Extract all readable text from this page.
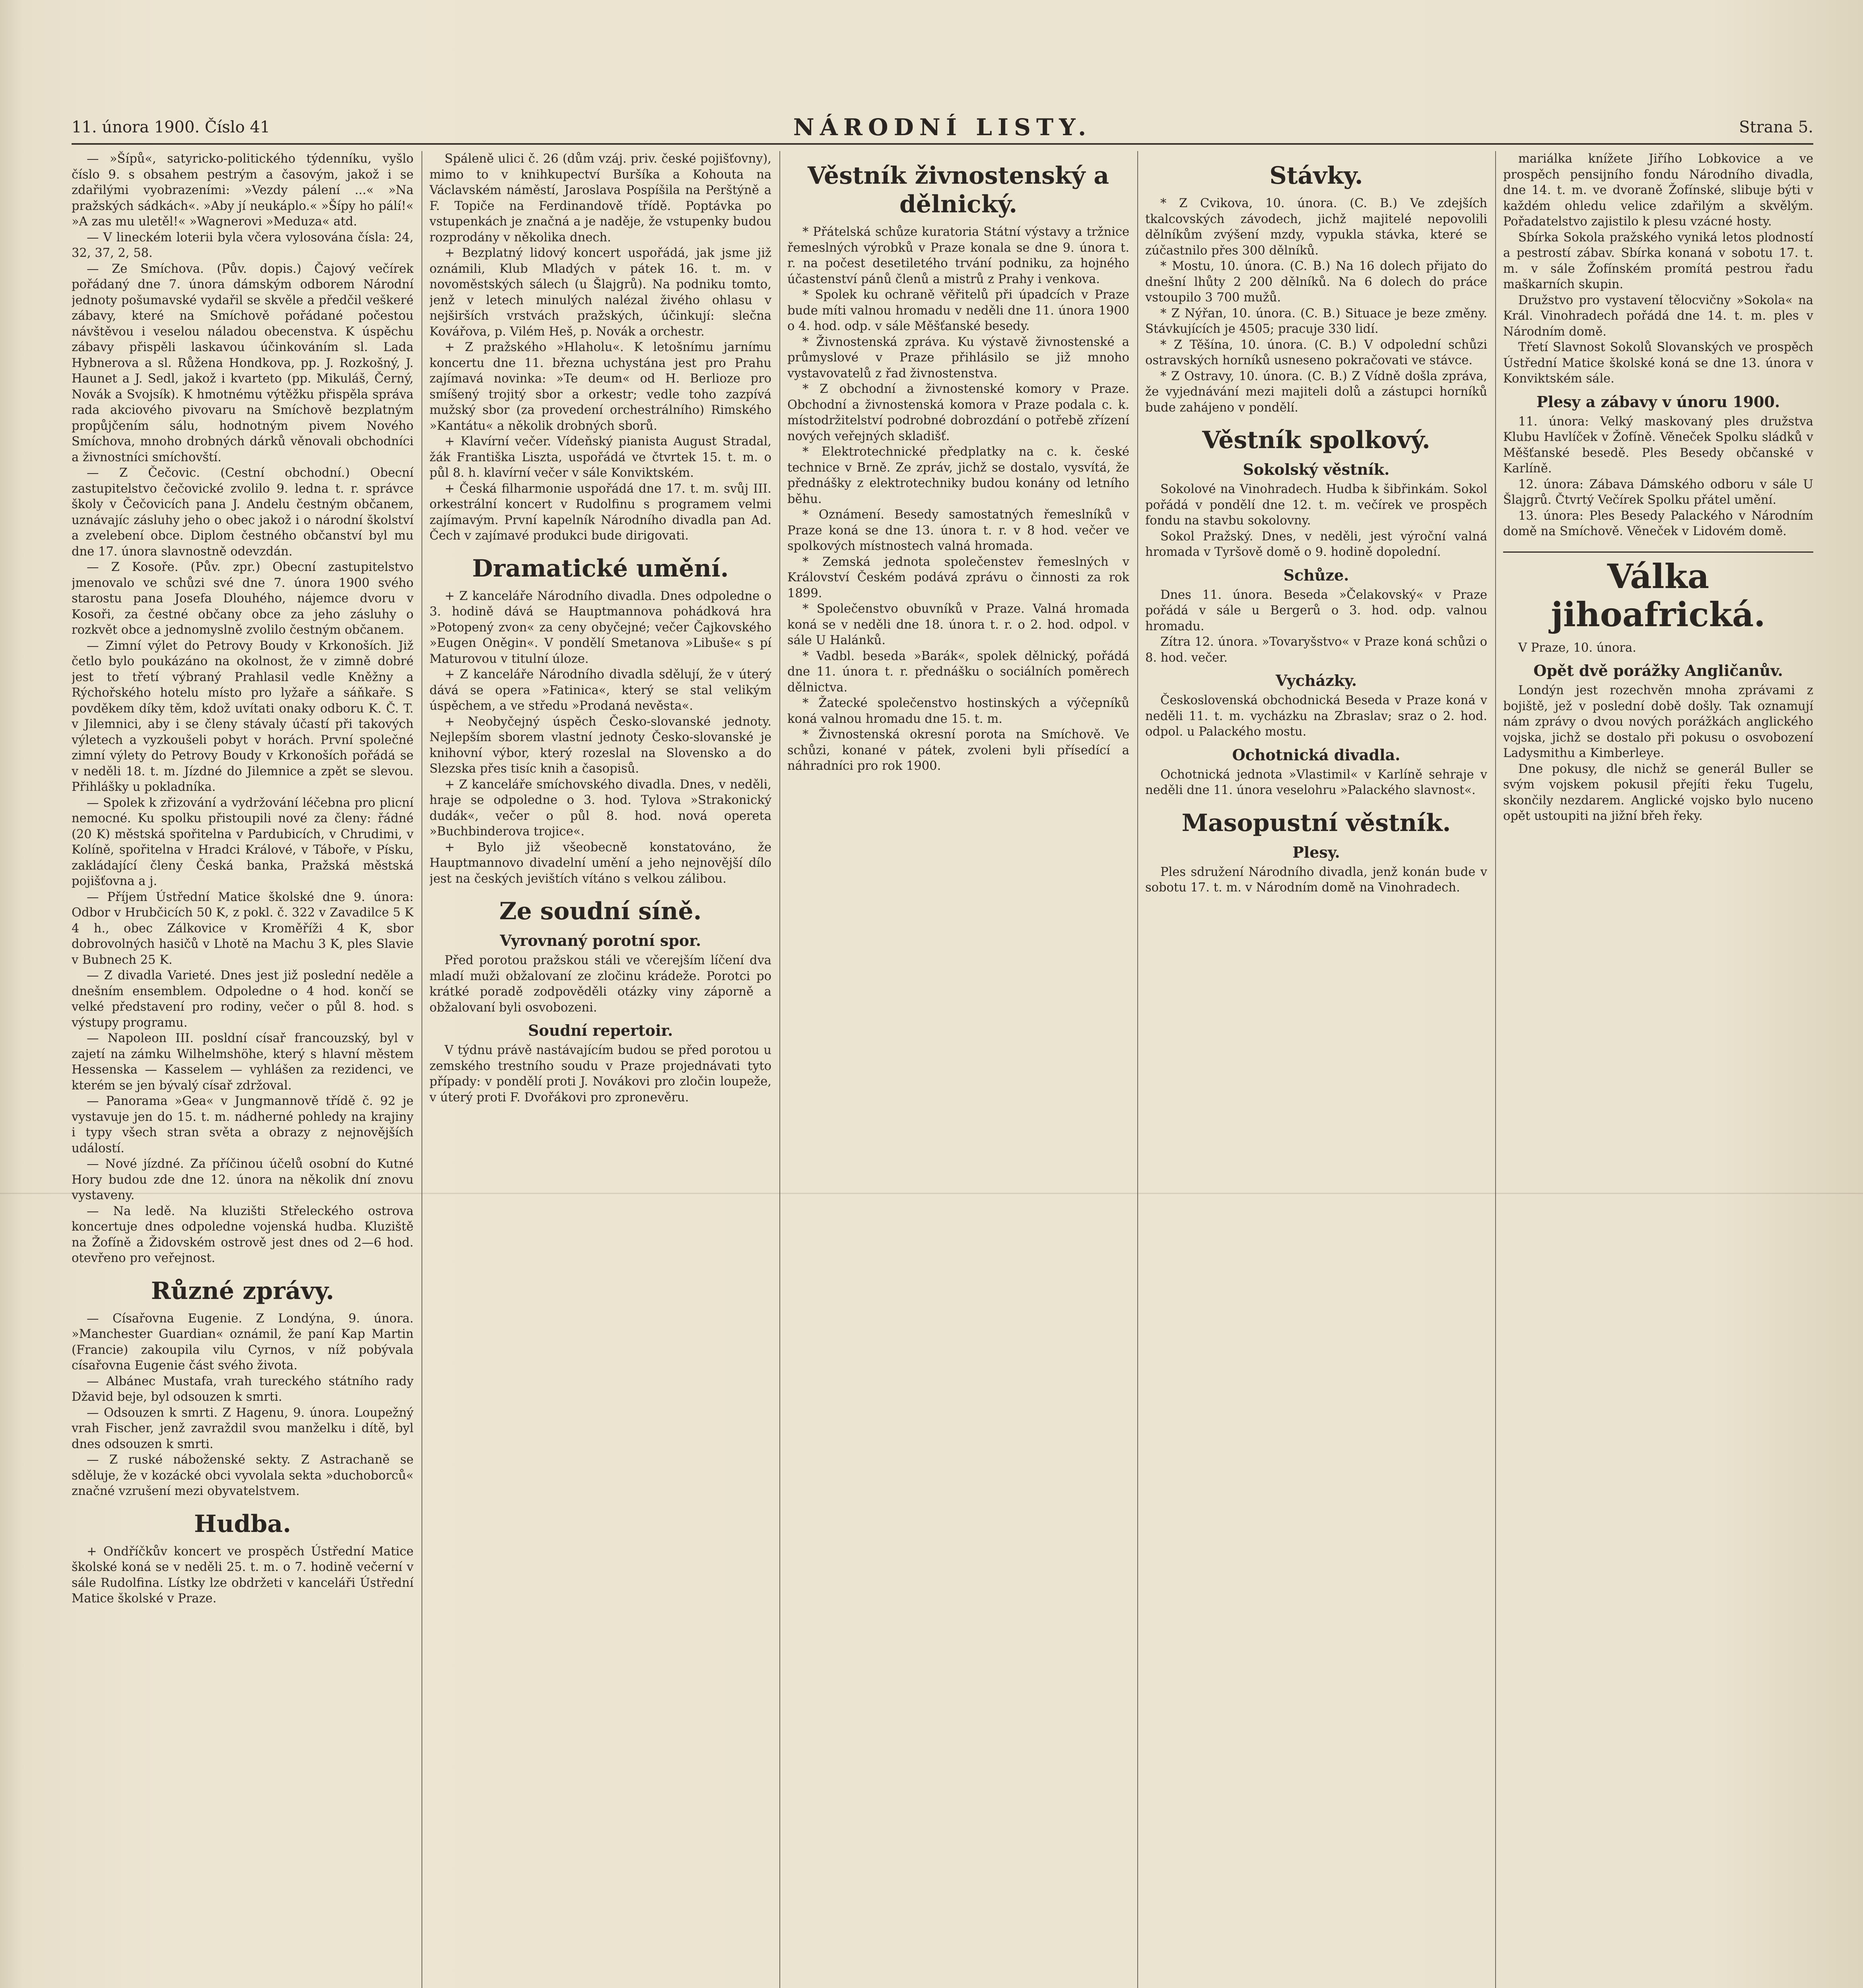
11. února 1900. Číslo 41	NÁRODNÍ LISTY.	Strana 5.

— »Šípů«, satyricko-politického týdenníku, vyšlo číslo 9. s obsahem pestrým a časovým, jakož i se zdařilými vyobrazeními: »Vezdy pálení ...« »Na pražských sádkách«. »Aby jí neukáplo.« »Šípy ho pálí!« »A zas mu uletěl!« »Wagnerovi »Meduza« atd.

— V lineckém loterii byla včera vylosována čísla: 24, 32, 37, 2, 58.

— Ze Smíchova. (Pův. dopis.) Čajový večírek pořádaný dne 7. února dámským odborem Národní jednoty pošumavské vydařil se skvěle a předčil veškeré zábavy, které na Smíchově pořádané počestou návštěvou i veselou náladou obecenstva. K úspěchu zábavy přispěli laskavou účinkováním sl. Lada Hybnerova a sl. Růžena Hondkova, pp. J. Rozkošný, J. Haunet a J. Sedl, jakož i kvarteto (pp. Mikuláš, Černý, Novák a Svojsík). K hmotnému výtěžku přispěla správa rada akciového pivovaru na Smíchově bezplatným propůjčením sálu, hodnotným pivem Nového Smíchova, mnoho drobných dárků věnovali obchodníci a živnostníci smíchovští.

— Z Čečovic. (Cestní obchodní.) Obecní zastupitelstvo čečovické zvolilo 9. ledna t. r. správce školy v Čečovicích pana J. Andelu čestným občanem, uznávajíc zásluhy jeho o obec jakož i o národní školství a zvelebení obce. Diplom čestného občanství byl mu dne 17. února slavnostně odevzdán.

— Z Kosoře. (Pův. zpr.) Obecní zastupitelstvo jmenovalo ve schůzi své dne 7. února 1900 svého starostu pana Josefa Dlouhého, nájemce dvoru v Kosoři, za čestné občany obce za jeho zásluhy o rozkvět obce a jednomyslně zvolilo čestným občanem.

— Zimní výlet do Petrovy Boudy v Krkonoších. Již četlo bylo poukázáno na okolnost, že v zimně dobré jest to třetí výbraný Prahlasil vedle Kněžny a Rýchořského hotelu místo pro lyžaře a sáňkaře. S povděkem díky těm, kdož uvítati onaky odboru K. Č. T. v Jilemnici, aby i se členy stávaly účastí při takových výletech a vyzkoušeli pobyt v horách. První společné zimní výlety do Petrovy Boudy v Krkonoších pořádá se v neděli 18. t. m. Jízdné do Jilemnice a zpět se slevou. Přihlášky u pokladníka.

— Spolek k zřizování a vydržování léčebna pro plicní nemocné. Ku spolku přistoupili nové za členy: řádné (20 K) městská spořitelna v Pardubicích, v Chrudimi, v Kolíně, spořitelna v Hradci Králové, v Táboře, v Písku, zakládající členy Česká banka, Pražská městská pojišťovna a j.

— Příjem Ústřední Matice školské dne 9. února: Odbor v Hrubčicích 50 K, z pokl. č. 322 v Zavadilce 5 K 4 h., obec Zálkovice v Kroměříži 4 K, sbor dobrovolných hasičů v Lhotě na Machu 3 K, ples Slavie v Bubnech 25 K.

— Z divadla Varieté. Dnes jest již poslední neděle a dnešním ensemblem. Odpoledne o 4 hod. končí se velké představení pro rodiny, večer o půl 8. hod. s výstupy programu.

— Napoleon III. posldní císař francouzský, byl v zajetí na zámku Wilhelmshöhe, který s hlavní městem Hessenska — Kasselem — vyhlášen za rezidenci, ve kterém se jen bývalý císař zdržoval.

— Panorama »Gea« v Jungmannově třídě č. 92 je vystavuje jen do 15. t. m. nádherné pohledy na krajiny i typy všech stran světa a obrazy z nejnovějších událostí.

— Nové jízdné. Za příčinou účelů osobní do Kutné Hory budou zde dne 12. února na několik dní znovu vystaveny.

— Na ledě. Na kluzišti Střeleckého ostrova koncertuje dnes odpoledne vojenská hudba. Kluziště na Žofíně a Židovském ostrově jest dnes od 2—6 hod. otevřeno pro veřejnost.

Různé zprávy.

— Císařovna Eugenie. Z Londýna, 9. února. »Manchester Guardian« oznámil, že paní Kap Martin (Francie) zakoupila vilu Cyrnos, v níž pobývala císařovna Eugenie část svého života.

— Albánec Mustafa, vrah tureckého státního rady Džavid beje, byl odsouzen k smrti.

— Odsouzen k smrti. Z Hagenu, 9. února. Loupežný vrah Fischer, jenž zavraždil svou manželku i dítě, byl dnes odsouzen k smrti.

— Z ruské náboženské sekty. Z Astrachaně se sděluje, že v kozácké obci vyvolala sekta »duchoborců« značné vzrušení mezi obyvatelstvem.

Hudba.

+ Ondříčkův koncert ve prospěch Ústřední Matice školské koná se v neděli 25. t. m. o 7. hodině večerní v sále Rudolfina. Lístky lze obdržeti v kanceláři Ústřední Matice školské v Praze.

Spáleně ulici č. 26 (dům vzáj. priv. české pojišťovny), mimo to v knihkupectví Buršíka a Kohouta na Václavském náměstí, Jaroslava Pospíšila na Perštýně a F. Topiče na Ferdinandově třídě. Poptávka po vstupenkách je značná a je naděje, že vstupenky budou rozprodány v několika dnech.

+ Bezplatný lidový koncert uspořádá, jak jsme již oznámili, Klub Mladých v pátek 16. t. m. v novoměstských sálech (u Šlajgrů). Na podniku tomto, jenž v letech minulých nalézal živého ohlasu v nejširších vrstvách pražských, účinkují: slečna Kovářova, p. Vilém Heš, p. Novák a orchestr.

+ Z pražského »Hlaholu«. K letošnímu jarnímu koncertu dne 11. března uchystána jest pro Prahu zajímavá novinka: »Te deum« od H. Berlioze pro smíšený trojitý sbor a orkestr; vedle toho zazpívá mužský sbor (za provedení orchestrálního) Rimského »Kantátu« a několik drobných sborů.

+ Klavírní večer. Vídeňský pianista August Stradal, žák Františka Liszta, uspořádá ve čtvrtek 15. t. m. o půl 8. h. klavírní večer v sále Konviktském.

+ Česká filharmonie uspořádá dne 17. t. m. svůj III. orkestrální koncert v Rudolfinu s programem velmi zajímavým. První kapelník Národního divadla pan Ad. Čech v zajímavé produkci bude dirigovati.

Dramatické umění.

+ Z kanceláře Národního divadla. Dnes odpoledne o 3. hodině dává se Hauptmannova pohádková hra »Potopený zvon« za ceny obyčejné; večer Čajkovského »Eugen Oněgin«. V pondělí Smetanova »Libuše« s pí Maturovou v titulní úloze.

+ Z kanceláře Národního divadla sdělují, že v úterý dává se opera »Fatinica«, který se stal velikým úspěchem, a ve středu »Prodaná nevěsta«.

+ Neobyčejný úspěch Česko-slovanské jednoty. Nejlepším sborem vlastní jednoty Česko-slovanské je knihovní výbor, který rozeslal na Slovensko a do Slezska přes tisíc knih a časopisů.

+ Z kanceláře smíchovského divadla. Dnes, v neděli, hraje se odpoledne o 3. hod. Tylova »Strakonický dudák«, večer o půl 8. hod. nová opereta »Buchbinderova trojice«.

+ Bylo již všeobecně konstatováno, že Hauptmannovo divadelní umění a jeho nejnovější dílo jest na českých jevištích vítáno s velkou zálibou.

Ze soudní síně.
Vyrovnaný porotní spor.

Před porotou pražskou stáli ve včerejším líčení dva mladí muži obžalovaní ze zločinu krádeže. Porotci po krátké poradě zodpověděli otázky viny záporně a obžalovaní byli osvobozeni.

Soudní repertoir.

V týdnu právě nastávajícím budou se před porotou u zemského trestního soudu v Praze projednávati tyto případy: v pondělí proti J. Novákovi pro zločin loupeže, v úterý proti F. Dvořákovi pro zpronevěru.

Věstník živnostenský a dělnický.

* Přátelská schůze kuratoria Státní výstavy a tržnice řemeslných výrobků v Praze konala se dne 9. února t. r. na počest desetiletého trvání podniku, za hojného účastenství pánů členů a mistrů z Prahy i venkova.

* Spolek ku ochraně věřitelů při úpadcích v Praze bude míti valnou hromadu v neděli dne 11. února 1900 o 4. hod. odp. v sále Měšťanské besedy.

* Živnostenská zpráva. Ku výstavě živnostenské a průmyslové v Praze přihlásilo se již mnoho vystavovatelů z řad živnostenstva.

* Z obchodní a živnostenské komory v Praze. Obchodní a živnostenská komora v Praze podala c. k. místodržitelství podrobné dobrozdání o potřebě zřízení nových veřejných skladišť.

* Elektrotechnické předplatky na c. k. české technice v Brně. Ze zpráv, jichž se dostalo, vysvítá, že přednášky z elektrotechniky budou konány od letního běhu.

* Oznámení. Besedy samostatných řemeslníků v Praze koná se dne 13. února t. r. v 8 hod. večer ve spolkových místnostech valná hromada.

* Zemská jednota společenstev řemeslných v Království Českém podává zprávu o činnosti za rok 1899.

* Společenstvo obuvníků v Praze. Valná hromada koná se v neděli dne 18. února t. r. o 2. hod. odpol. v sále U Halánků.

* Vadbl. beseda »Barák«, spolek dělnický, pořádá dne 11. února t. r. přednášku o sociálních poměrech dělnictva.

* Žatecké společenstvo hostinských a výčepníků koná valnou hromadu dne 15. t. m.

* Živnostenská okresní porota na Smíchově. Ve schůzi, konané v pátek, zvoleni byli přísedící a náhradníci pro rok 1900.

Stávky.

* Z Cvikova, 10. února. (C. B.) Ve zdejších tkalcovských závodech, jichž majitelé nepovolili dělníkům zvýšení mzdy, vypukla stávka, které se zúčastnilo přes 300 dělníků.

* Mostu, 10. února. (C. B.) Na 16 dolech přijato do dnešní lhůty 2 200 dělníků. Na 6 dolech do práce vstoupilo 3 700 mužů.

* Z Nýřan, 10. února. (C. B.) Situace je beze změny. Stávkujících je 4505; pracuje 330 lidí.

* Z Těšína, 10. února. (C. B.) V odpolední schůzi ostravských horníků usneseno pokračovati ve stávce.

* Z Ostravy, 10. února. (C. B.) Z Vídně došla zpráva, že vyjednávání mezi majiteli dolů a zástupci horníků bude zahájeno v pondělí.

Věstník spolkový.
Sokolský věstník.

Sokolové na Vinohradech. Hudba k šibřinkám. Sokol pořádá v pondělí dne 12. t. m. večírek ve prospěch fondu na stavbu sokolovny.

Sokol Pražský. Dnes, v neděli, jest výroční valná hromada v Tyršově domě o 9. hodině dopolední.

Schůze.

Dnes 11. února. Beseda »Čelakovský« v Praze pořádá v sále u Bergerů o 3. hod. odp. valnou hromadu.

Zítra 12. února. »Tovaryšstvo« v Praze koná schůzi o 8. hod. večer.

Vycházky.

Československá obchodnická Beseda v Praze koná v neděli 11. t. m. vycházku na Zbraslav; sraz o 2. hod. odpol. u Palackého mostu.

Ochotnická divadla.

Ochotnická jednota »Vlastimil« v Karlíně sehraje v neděli dne 11. února veselohru »Palackého slavnost«.

Masopustní věstník.
Plesy.

Ples sdružení Národního divadla, jenž konán bude v sobotu 17. t. m. v Národním domě na Vinohradech.

mariálka knížete Jiřího Lobkovice a ve prospěch pensijního fondu Národního divadla, dne 14. t. m. ve dvoraně Žofínské, slibuje býti v každém ohledu velice zdařilým a skvělým. Pořadatelstvo zajistilo k plesu vzácné hosty.

Sbírka Sokola pražského vyniká letos plodností a pestrostí zábav. Sbírka konaná v sobotu 17. t. m. v sále Žofínském promítá pestrou řadu maškarních skupin.

Družstvo pro vystavení tělocvičny »Sokola« na Král. Vinohradech pořádá dne 14. t. m. ples v Národním domě.

Třetí Slavnost Sokolů Slovanských ve prospěch Ústřední Matice školské koná se dne 13. února v Konviktském sále.

Plesy a zábavy v únoru 1900.

11. února: Velký maskovaný ples družstva Klubu Havlíček v Žofíně. Věneček Spolku sládků v Měšťanské besedě. Ples Besedy občanské v Karlíně.

12. února: Zábava Dámského odboru v sále U Šlajgrů. Čtvrtý Večírek Spolku přátel umění.

13. února: Ples Besedy Palackého v Národním domě na Smíchově. Věneček v Lidovém domě.

Válka jihoafrická.

V Praze, 10. února.

Opět dvě porážky Angličanův.

Londýn jest rozechvěn mnoha zprávami z bojiště, jež v poslední době došly. Tak oznamují nám zprávy o dvou nových porážkách anglického vojska, jichž se dostalo při pokusu o osvobození Ladysmithu a Kimberleye.

Dne pokusy, dle nichž se generál Buller se svým vojskem pokusil přejíti řeku Tugelu, skončily nezdarem. Anglické vojsko bylo nuceno opět ustoupiti na jižní břeh řeky.
